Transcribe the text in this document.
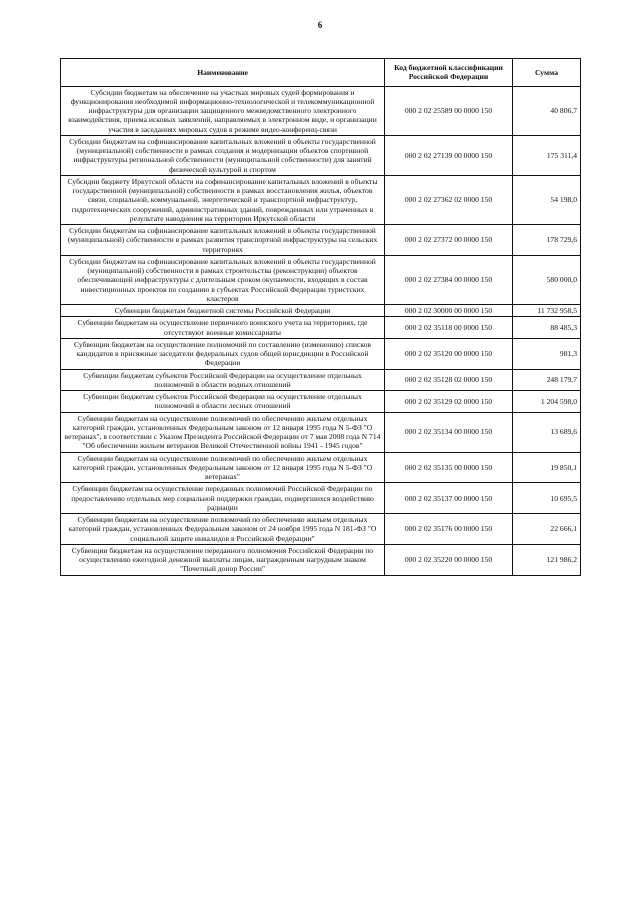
6
Наименование	Код бюджетной классификации Российской Федерации	Сумма
Субсидии бюджетам на обеспечение на участках мировых судей формирования и функционирования необходимой информационно-технологической и телекоммуникационной инфраструктуры для организации защищенного межведомственного электронного взаимодействия, приема исковых заявлений, направляемых в электронном виде, и организации участия в заседаниях мировых судов в режиме видео-конференц-связи	000 2 02 25589 00 0000 150	40 806,7
Субсидии бюджетам на софинансирование капитальных вложений в объекты государственной (муниципальной) собственности в рамках создания и модернизации объектов спортивной инфраструктуры региональной собственности (муниципальной собственности) для занятий физической культурой и спортом	000 2 02 27139 00 0000 150	175 311,4
Субсидии бюджету Иркутской области на софинансирование капитальных вложений в объекты государственной (муниципальной) собственности в рамках восстановления жилья, объектов связи, социальной, коммунальной, энергетической и транспортной инфраструктур, гидротехнических сооружений, административных зданий, поврежденных или утраченных в результате наводнения на территории Иркутской области	000 2 02 27362 02 0000 150	54 198,0
Субсидии бюджетам на софинансирование капитальных вложений в объекты государственной (муниципальной) собственности в рамках развития транспортной инфраструктуры на сельских территориях	000 2 02 27372 00 0000 150	178 729,6
Субсидии бюджетам на софинансирование капитальных вложений в объекты государственной (муниципальной) собственности в рамках строительства (реконструкции) объектов обеспечивающей инфраструктуры с длительным сроком окупаемости, входящих в состав инвестиционных проектов по созданию в субъектах Российской Федерации туристских кластеров	000 2 02 27384 00 0000 150	580 000,0
Субвенции бюджетам бюджетной системы Российской Федерации	000 2 02 30000 00 0000 150	11 732 958,5
Субвенции бюджетам на осуществление первичного воинского учета на территориях, где отсутствуют военные комиссариаты	000 2 02 35118 00 0000 150	88 485,3
Субвенции бюджетам на осуществление полномочий по составлению (изменению) списков кандидатов в присяжные заседатели федеральных судов общей юрисдикции в Российской Федерации	000 2 02 35120 00 0000 150	981,3
Субвенции бюджетам субъектов Российской Федерации на осуществление отдельных полномочий в области водных отношений	000 2 02 35128 02 0000 150	248 179,7
Субвенции бюджетам субъектов Российской Федерации на осуществление отдельных полномочий в области лесных отношений	000 2 02 35129 02 0000 150	1 204 598,0
Субвенции бюджетам на осуществление полномочий по обеспечению жильем отдельных категорий граждан, установленных Федеральным законом от 12 января 1995 года N 5-ФЗ "О ветеранах", в соответствии с Указом Президента Российской Федерации от 7 мая 2008 года N 714 "Об обеспечении жильем ветеранов Великой Отечественной войны 1941 - 1945 годов"	000 2 02 35134 00 0000 150	13 689,6
Субвенции бюджетам на осуществление полномочий по обеспечению жильем отдельных категорий граждан, установленных Федеральным законом от 12 января 1995 года N 5-ФЗ "О ветеранах"	000 2 02 35135 00 0000 150	19 850,1
Субвенции бюджетам на осуществление переданных полномочий Российской Федерации по предоставлению отдельных мер социальной поддержки граждан, подвергшихся воздействию радиации	000 2 02 35137 00 0000 150	10 695,5
Субвенции бюджетам на осуществление полномочий по обеспечению жильем отдельных категорий граждан, установленных Федеральным законом от 24 ноября 1995 года N 181-ФЗ "О социальной защите инвалидов в Российской Федерации"	000 2 02 35176 00 0000 150	22 666,1
Субвенции бюджетам на осуществление переданного полномочия Российской Федерации по осуществлению ежегодной денежной выплаты лицам, награжденным нагрудным знаком "Почетный донор России"	000 2 02 35220 00 0000 150	121 986,2
